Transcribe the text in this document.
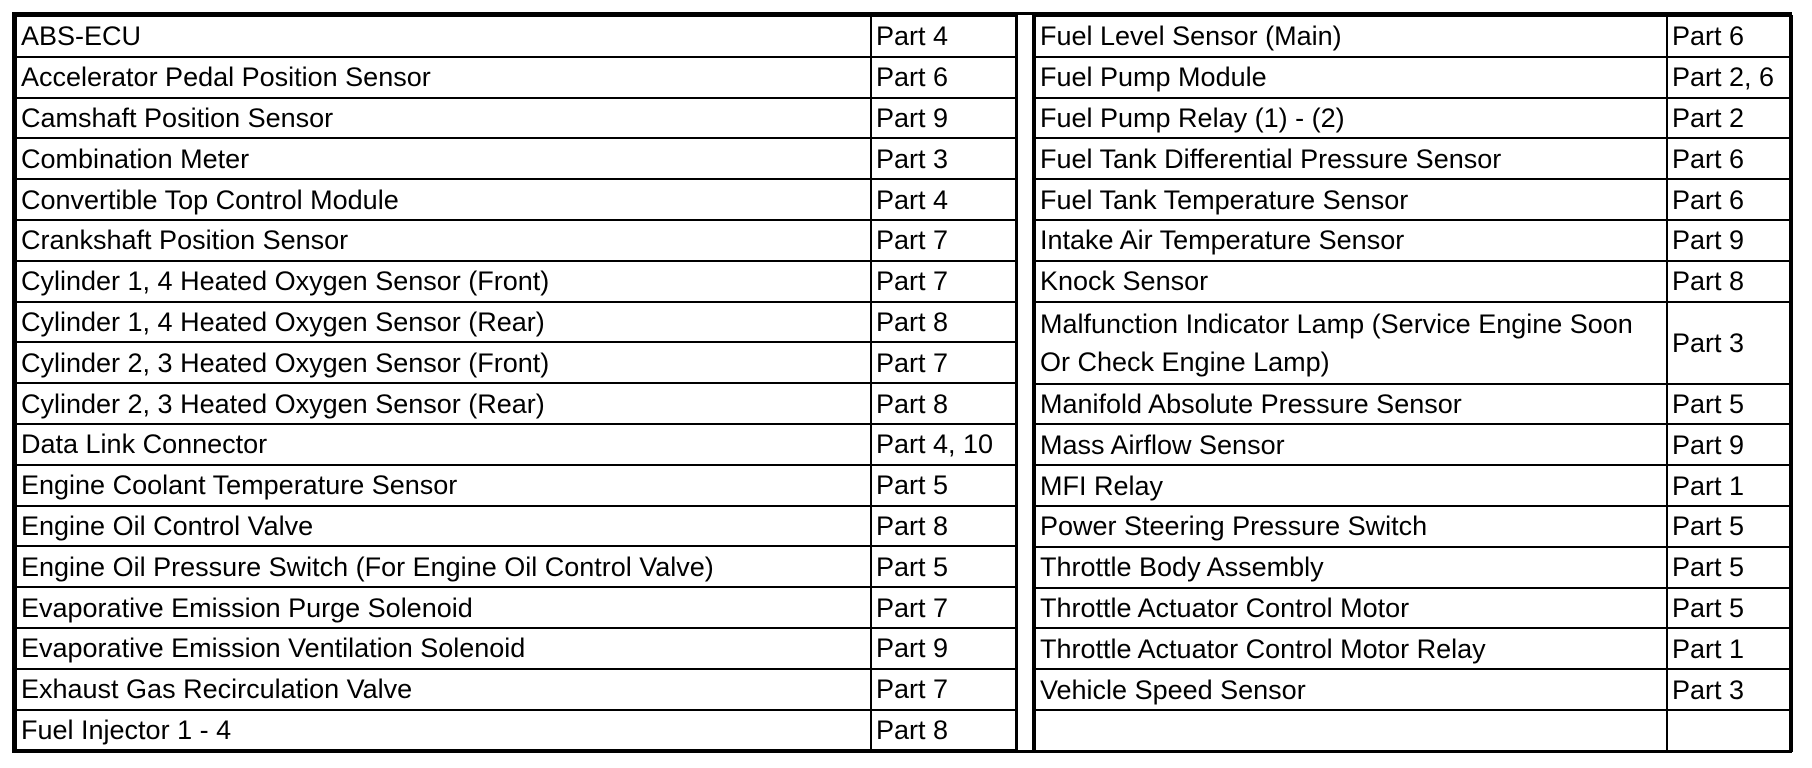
ABS-ECU	Part 4
Accelerator Pedal Position Sensor	Part 6
Camshaft Position Sensor	Part 9
Combination Meter	Part 3
Convertible Top Control Module	Part 4
Crankshaft Position Sensor	Part 7
Cylinder 1, 4 Heated Oxygen Sensor (Front)	Part 7
Cylinder 1, 4 Heated Oxygen Sensor (Rear)	Part 8
Cylinder 2, 3 Heated Oxygen Sensor (Front)	Part 7
Cylinder 2, 3 Heated Oxygen Sensor (Rear)	Part 8
Data Link Connector	Part 4, 10
Engine Coolant Temperature Sensor	Part 5
Engine Oil Control Valve	Part 8
Engine Oil Pressure Switch (For Engine Oil Control Valve)	Part 5
Evaporative Emission Purge Solenoid	Part 7
Evaporative Emission Ventilation Solenoid	Part 9
Exhaust Gas Recirculation Valve	Part 7
Fuel Injector 1 - 4	Part 8
Fuel Level Sensor (Main)	Part 6
Fuel Pump Module	Part 2, 6
Fuel Pump Relay (1) - (2)	Part 2
Fuel Tank Differential Pressure Sensor	Part 6
Fuel Tank Temperature Sensor	Part 6
Intake Air Temperature Sensor	Part 9
Knock Sensor	Part 8
Malfunction Indicator Lamp (Service Engine Soon Or Check Engine Lamp)	Part 3
Manifold Absolute Pressure Sensor	Part 5
Mass Airflow Sensor	Part 9
MFI Relay	Part 1
Power Steering Pressure Switch	Part 5
Throttle Body Assembly	Part 5
Throttle Actuator Control Motor	Part 5
Throttle Actuator Control Motor Relay	Part 1
Vehicle Speed Sensor	Part 3
